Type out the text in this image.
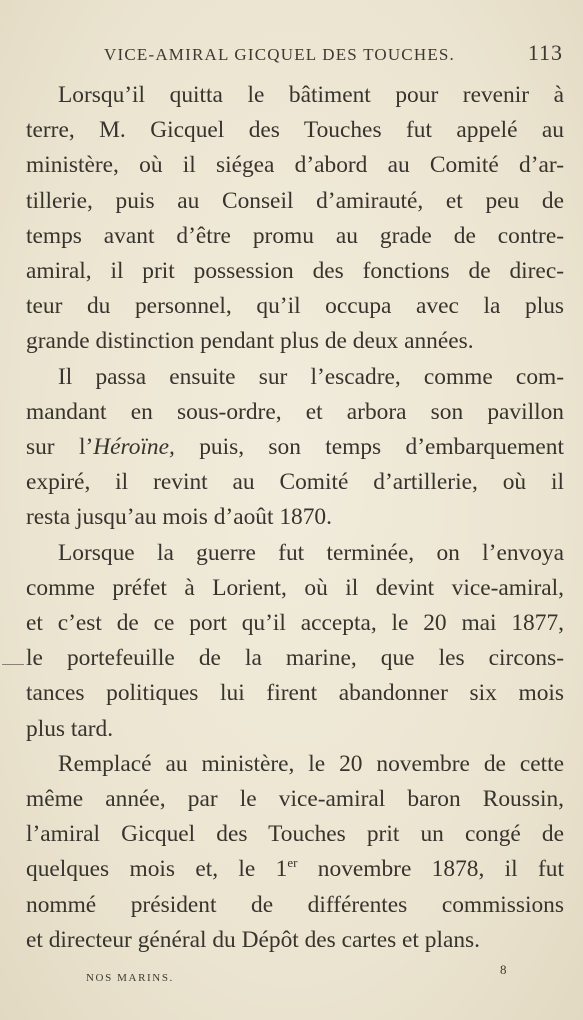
VICE-AMIRAL GICQUEL DES TOUCHES.	113

Lorsqu’il quitta le bâtiment pour revenir à
terre, M. Gicquel des Touches fut appelé au
ministère, où il siégea d’abord au Comité d’ar-
tillerie, puis au Conseil d’amirauté, et peu de
temps avant d’être promu au grade de contre-
amiral, il prit possession des fonctions de direc-
teur du personnel, qu’il occupa avec la plus
grande distinction pendant plus de deux années.

Il passa ensuite sur l’escadre, comme com-
mandant en sous-ordre, et arbora son pavillon
sur l’Héroïne, puis, son temps d’embarquement
expiré, il revint au Comité d’artillerie, où il
resta jusqu’au mois d’août 1870.

Lorsque la guerre fut terminée, on l’envoya
comme préfet à Lorient, où il devint vice-amiral,
et c’est de ce port qu’il accepta, le 20 mai 1877,
le portefeuille de la marine, que les circons-
tances politiques lui firent abandonner six mois
plus tard.

Remplacé au ministère, le 20 novembre de cette
même année, par le vice-amiral baron Roussin,
l’amiral Gicquel des Touches prit un congé de
quelques mois et, le 1er novembre 1878, il fut
nommé président de différentes commissions
et directeur général du Dépôt des cartes et plans.

NOS MARINS.
8
